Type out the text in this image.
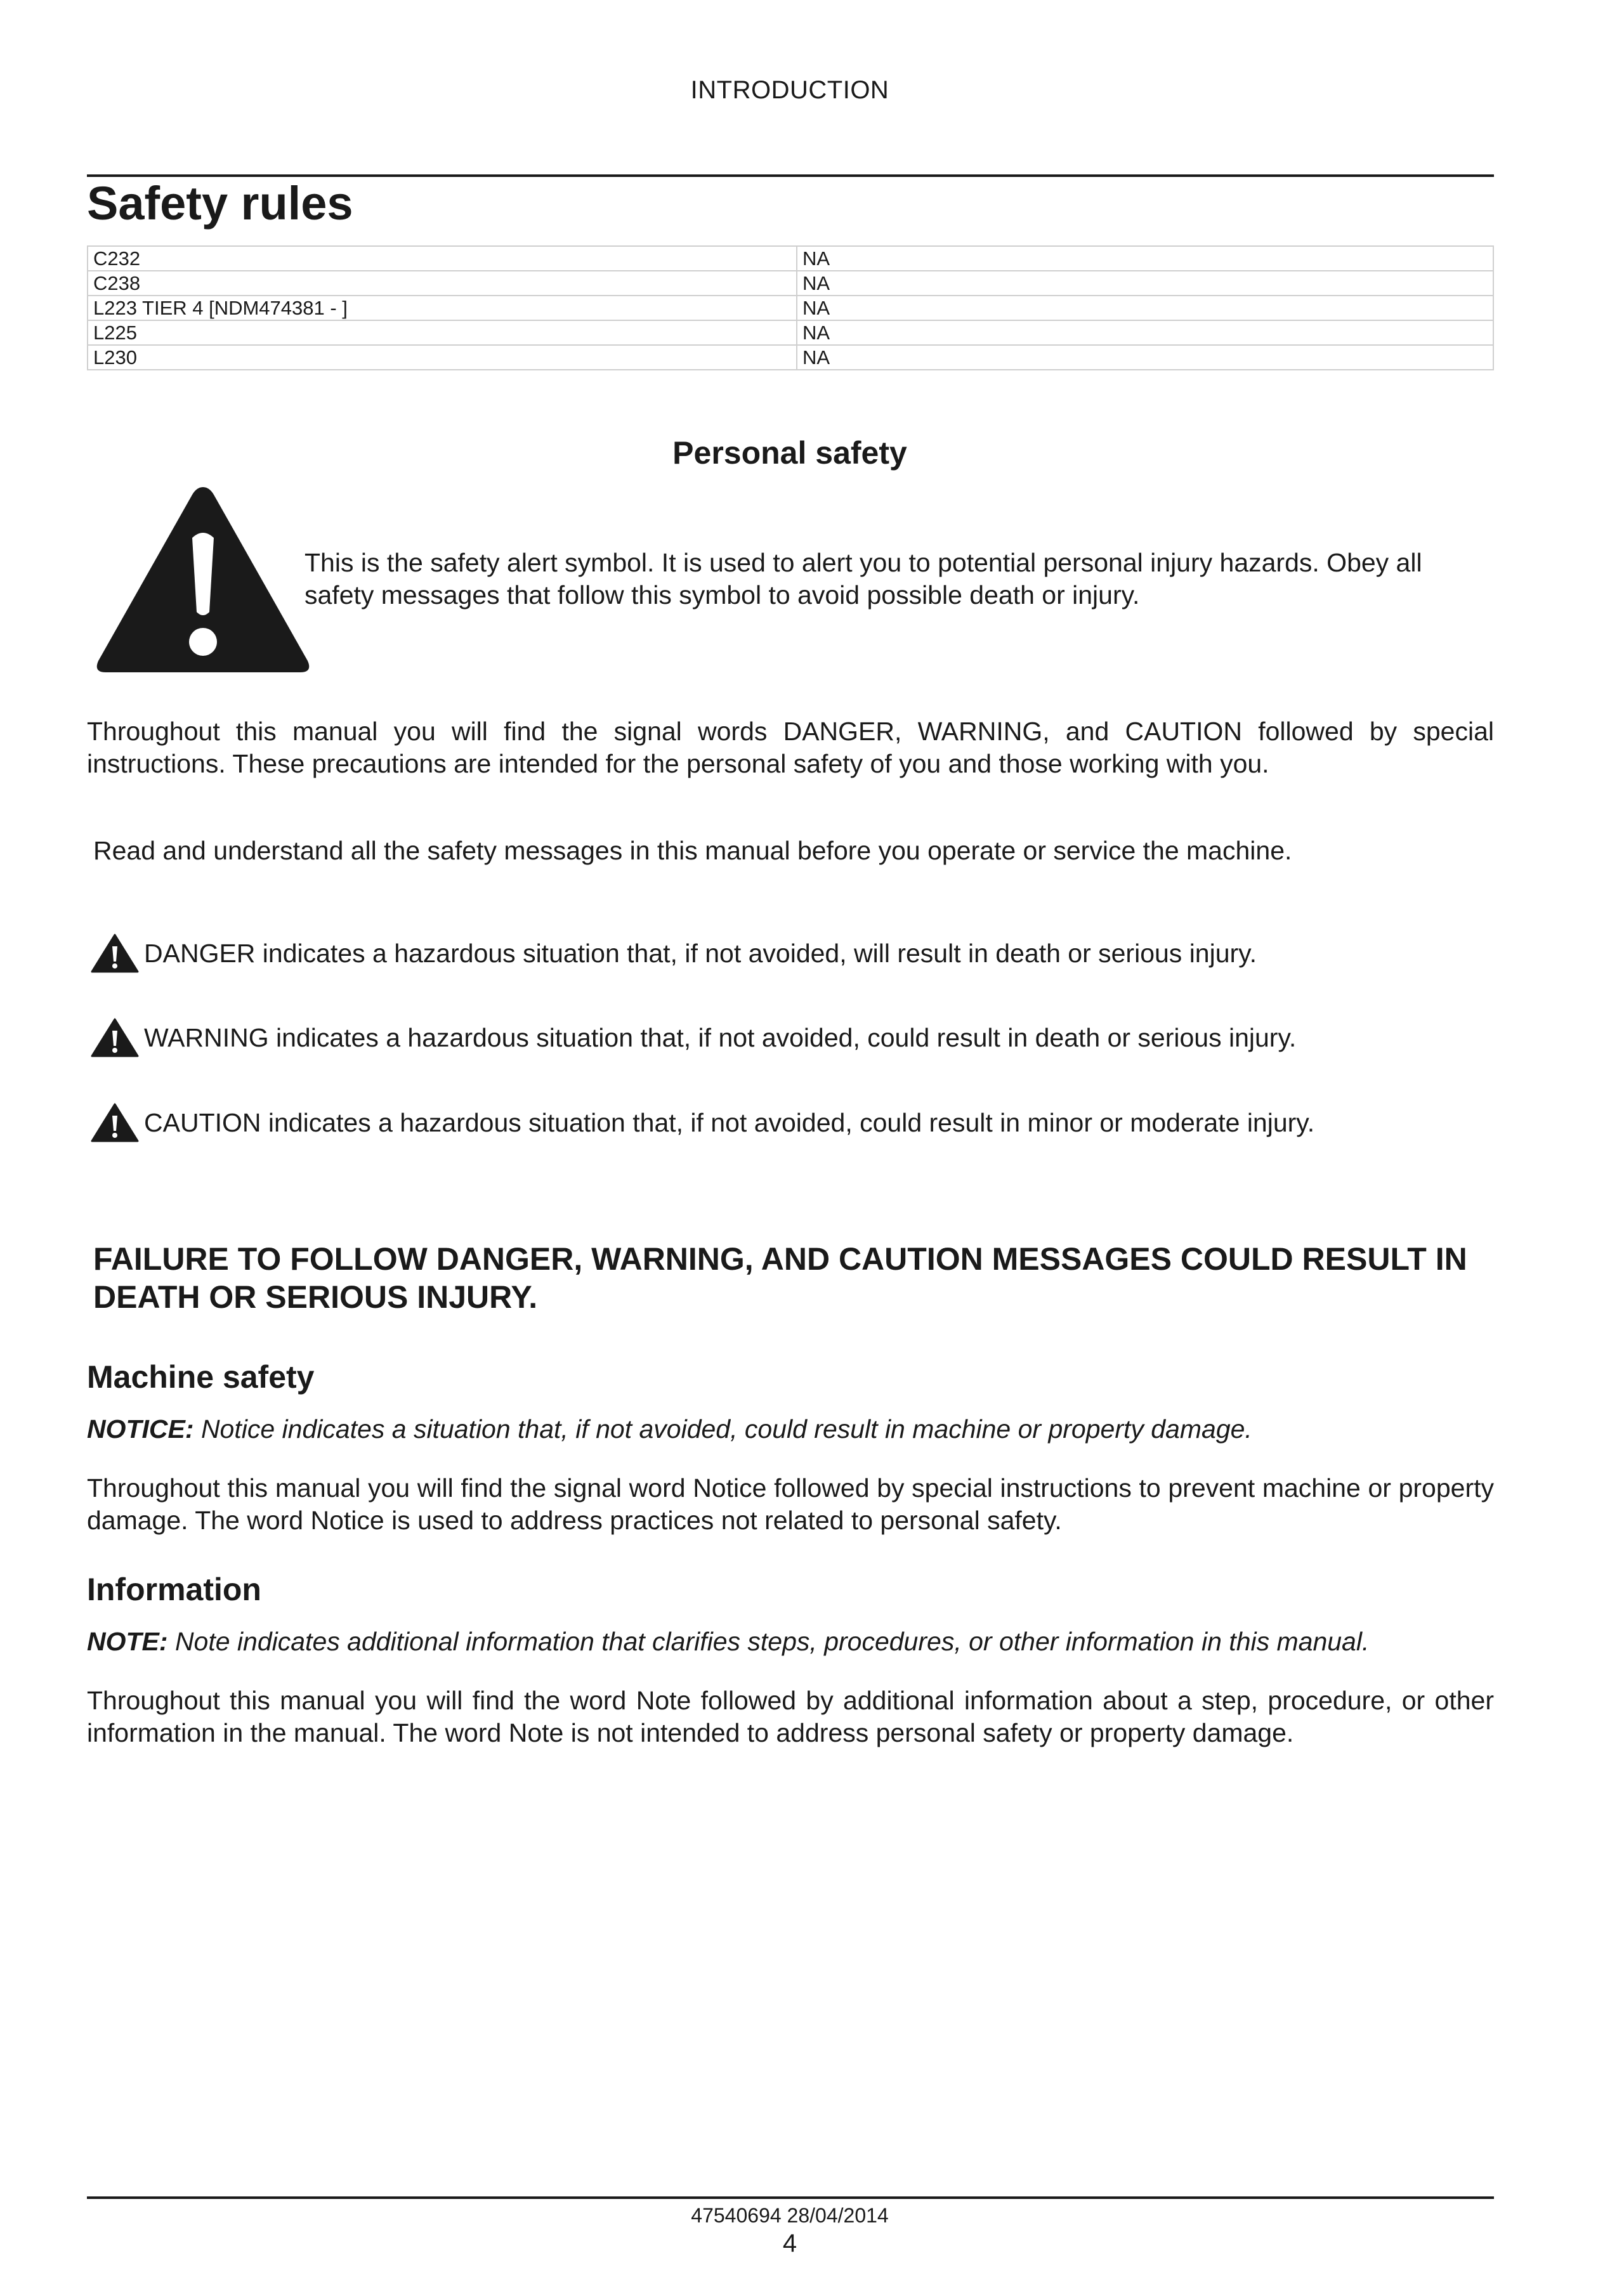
INTRODUCTION
Safety rules
C232	NA
C238	NA
L223 TIER 4 [NDM474381 - ]	NA
L225	NA
L230	NA
Personal safety
This is the safety alert symbol. It is used to alert you to potential personal injury hazards. Obey all safety messages that follow this symbol to avoid possible death or injury.
Throughout this manual you will find the signal words DANGER, WARNING, and CAUTION followed by special instructions. These precautions are intended for the personal safety of you and those working with you.
Read and understand all the safety messages in this manual before you operate or service the machine.
DANGER indicates a hazardous situation that, if not avoided, will result in death or serious injury.
WARNING indicates a hazardous situation that, if not avoided, could result in death or serious injury.
CAUTION indicates a hazardous situation that, if not avoided, could result in minor or moderate injury.
FAILURE TO FOLLOW DANGER, WARNING, AND CAUTION MESSAGES COULD RESULT IN DEATH OR SERIOUS INJURY.
Machine safety
NOTICE: Notice indicates a situation that, if not avoided, could result in machine or property damage.
Throughout this manual you will find the signal word Notice followed by special instructions to prevent machine or property damage. The word Notice is used to address practices not related to personal safety.
Information
NOTE: Note indicates additional information that clarifies steps, procedures, or other information in this manual.
Throughout this manual you will find the word Note followed by additional information about a step, procedure, or other information in the manual. The word Note is not intended to address personal safety or property damage.
47540694 28/04/2014
4
